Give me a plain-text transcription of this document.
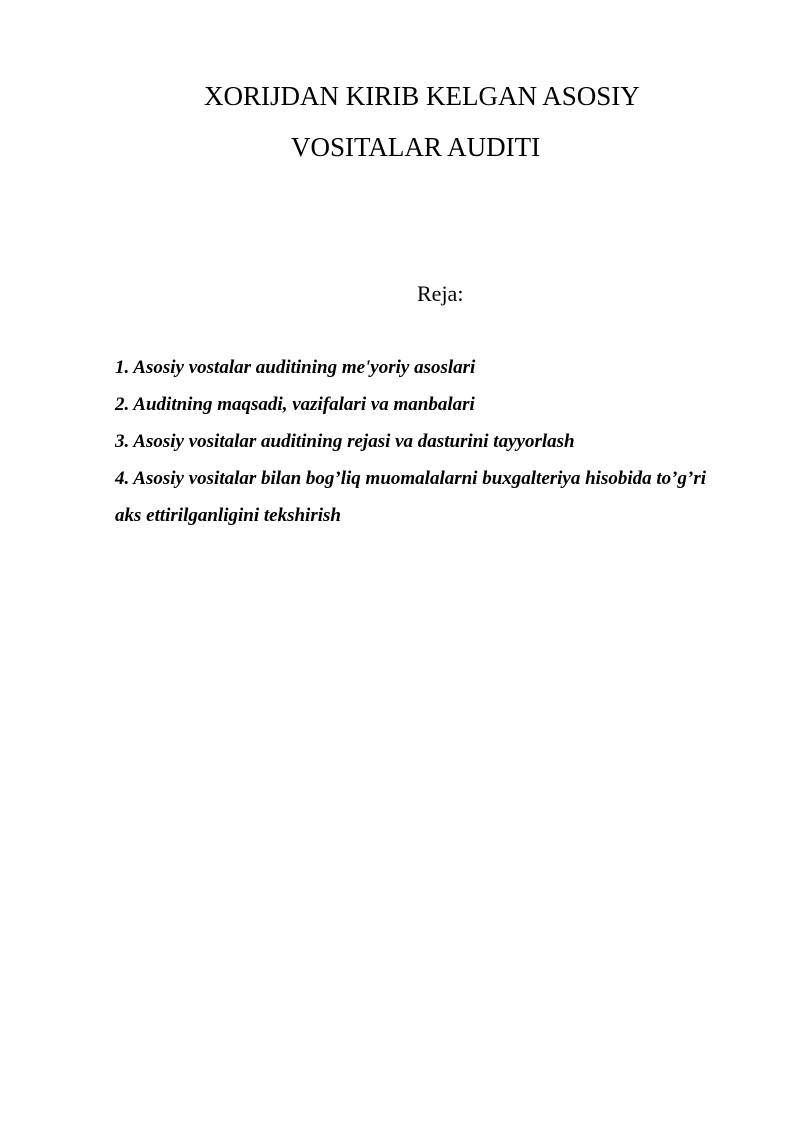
XORIJDAN KIRIB KELGAN ASOSIY
VOSITALAR AUDITI
Reja:
1. Asosiy vostalar auditining me'yoriy asoslari
2. Auditning maqsadi, vazifalari va manbalari
3. Asosiy vositalar auditining rejasi va dasturini tayyorlash
4. Asosiy vositalar bilan bog’liq muomalalarni buxgalteriya hisobida to’g’ri aks ettirilganligini tekshirish
